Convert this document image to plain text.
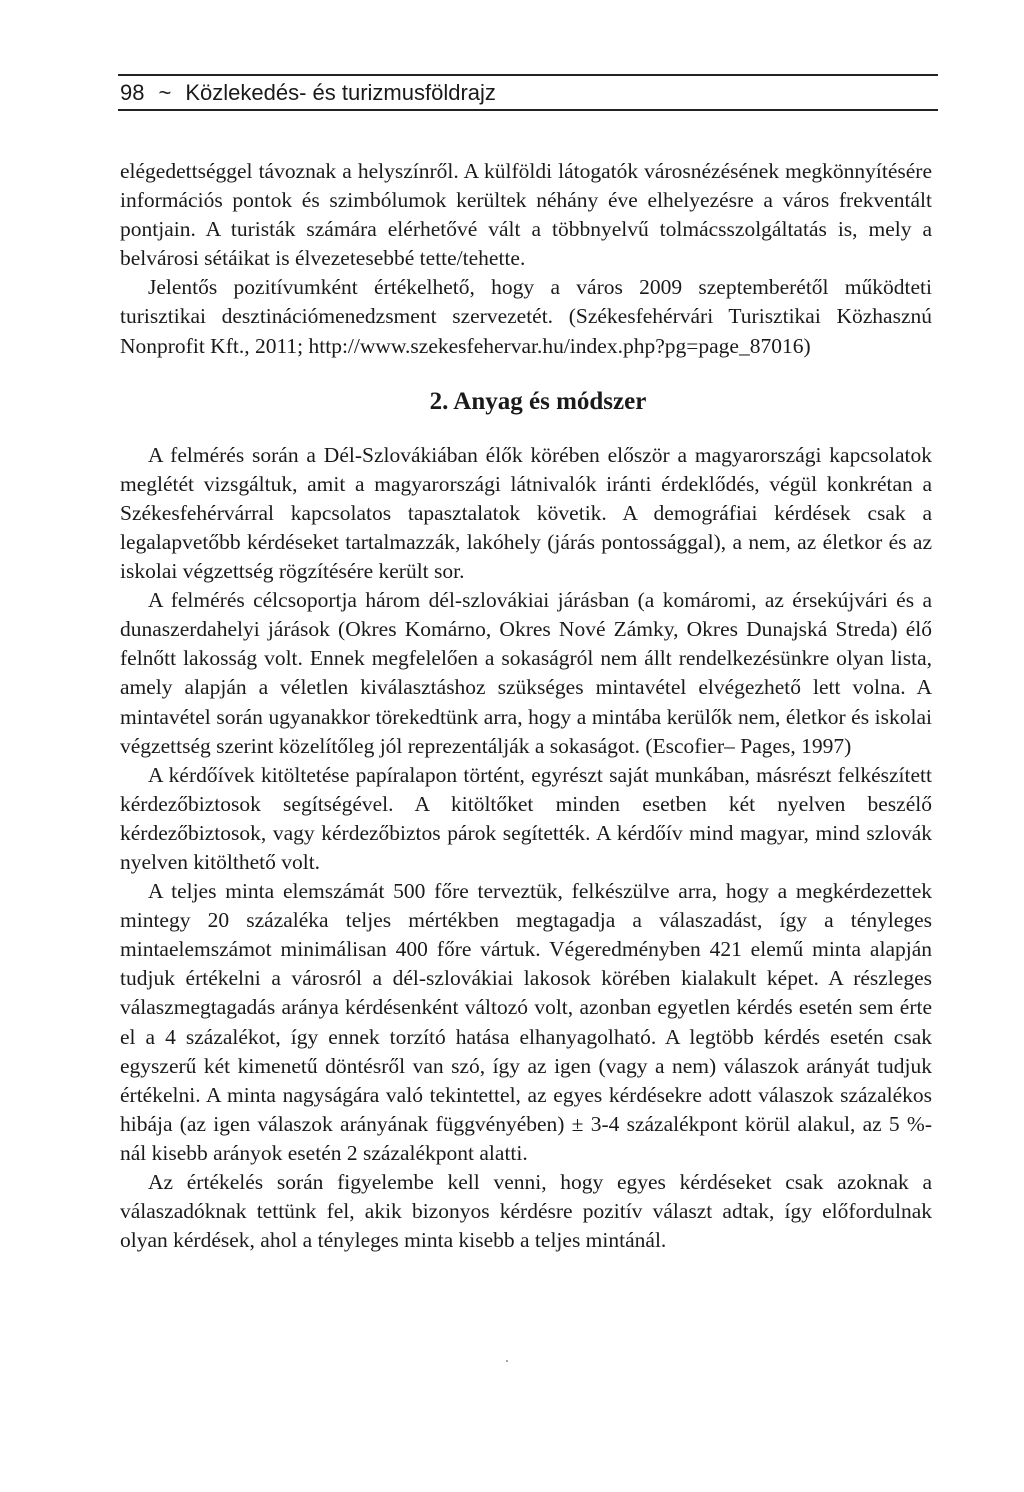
98 ~ Közlekedés- és turizmusföldrajz

elégedettséggel távoznak a helyszínről. A külföldi látogatók városnézésének megkönnyítésére információs pontok és szimbólumok kerültek néhány éve elhelyezésre a város frekventált pontjain. A turisták számára elérhetővé vált a többnyelvű tolmácsszolgáltatás is, mely a belvárosi sétáikat is élvezetesebbé tette/tehette.

Jelentős pozitívumként értékelhető, hogy a város 2009 szeptemberétől működteti turisztikai desztinációmenedzsment szervezetét. (Székesfehérvári Turisztikai Közhasznú Nonprofit Kft., 2011; http://www.szekesfehervar.hu/index.php?pg=page_87016)

2. Anyag és módszer

A felmérés során a Dél-Szlovákiában élők körében először a magyarországi kapcsolatok meglétét vizsgáltuk, amit a magyarországi látnivalók iránti érdeklődés, végül konkrétan a Székesfehérvárral kapcsolatos tapasztalatok követik. A demográfiai kérdések csak a legalapvetőbb kérdéseket tartalmazzák, lakóhely (járás pontossággal), a nem, az életkor és az iskolai végzettség rögzítésére került sor.

A felmérés célcsoportja három dél-szlovákiai járásban (a komáromi, az érsekújvári és a dunaszerdahelyi járások (Okres Komárno, Okres Nové Zámky, Okres Dunajská Streda) élő felnőtt lakosság volt. Ennek megfelelően a sokaságról nem állt rendelkezésünkre olyan lista, amely alapján a véletlen kiválasztáshoz szükséges mintavétel elvégezhető lett volna. A mintavétel során ugyanakkor törekedtünk arra, hogy a mintába kerülők nem, életkor és iskolai végzettség szerint közelítőleg jól reprezentálják a sokaságot. (Escofier– Pages, 1997)

A kérdőívek kitöltetése papíralapon történt, egyrészt saját munkában, másrészt felkészített kérdezőbiztosok segítségével. A kitöltőket minden esetben két nyelven beszélő kérdezőbiztosok, vagy kérdezőbiztos párok segítették. A kérdőív mind magyar, mind szlovák nyelven kitölthető volt.

A teljes minta elemszámát 500 főre terveztük, felkészülve arra, hogy a megkérdezettek mintegy 20 százaléka teljes mértékben megtagadja a válaszadást, így a tényleges mintaelemszámot minimálisan 400 főre vártuk. Végeredményben 421 elemű minta alapján tudjuk értékelni a városról a dél-szlovákiai lakosok körében kialakult képet. A részleges válaszmegtagadás aránya kérdésenként változó volt, azonban egyetlen kérdés esetén sem érte el a 4 százalékot, így ennek torzító hatása elhanyagolható. A legtöbb kérdés esetén csak egyszerű két kimenetű döntésről van szó, így az igen (vagy a nem) válaszok arányát tudjuk értékelni. A minta nagyságára való tekintettel, az egyes kérdésekre adott válaszok százalékos hibája (az igen válaszok arányának függvényében) ± 3-4 százalékpont körül alakul, az 5 %-nál kisebb arányok esetén 2 százalékpont alatti.

Az értékelés során figyelembe kell venni, hogy egyes kérdéseket csak azoknak a válaszadóknak tettünk fel, akik bizonyos kérdésre pozitív választ adtak, így előfordulnak olyan kérdések, ahol a tényleges minta kisebb a teljes mintánál.
